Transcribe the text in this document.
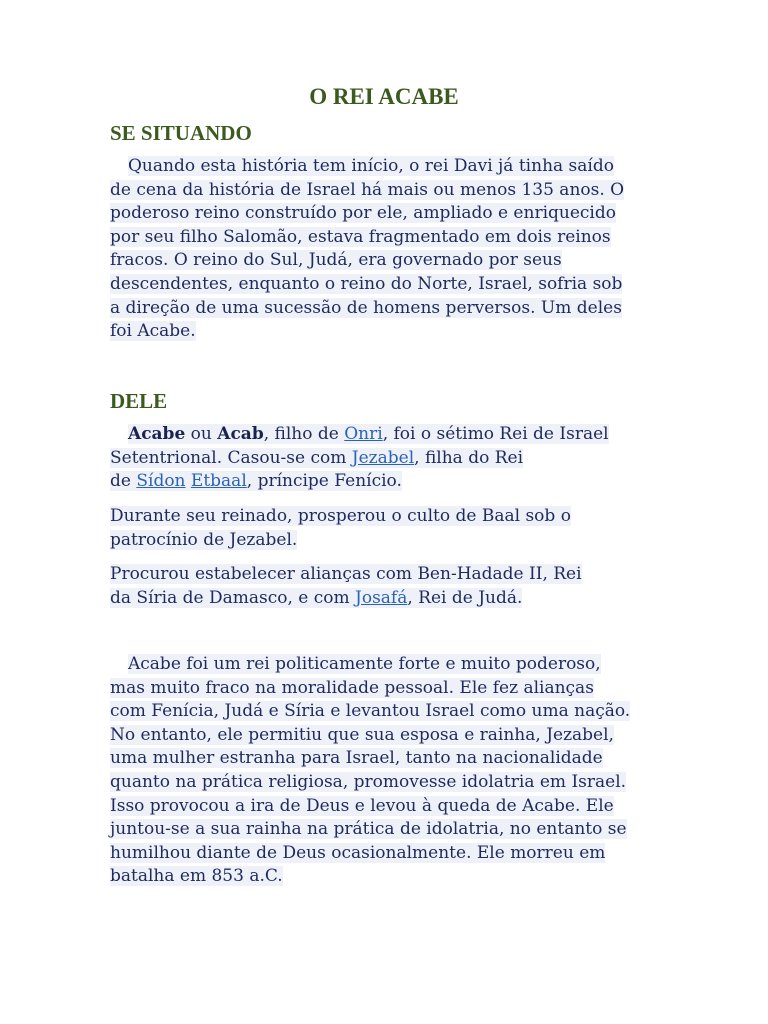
O REI ACABE
SE SITUANDO

Quando esta história tem início, o rei Davi já tinha saído
de cena da história de Israel há mais ou menos 135 anos. O
poderoso reino construído por ele, ampliado e enriquecido
por seu filho Salomão, estava fragmentado em dois reinos
fracos. O reino do Sul, Judá, era governado por seus
descendentes, enquanto o reino do Norte, Israel, sofria sob
a direção de uma sucessão de homens perversos. Um deles
foi Acabe.

DELE

Acabe ou Acab, filho de Onri, foi o sétimo Rei de Israel
Setentrional. Casou-se com Jezabel, filha do Rei
de Sídon Etbaal, príncipe Fenício.

Durante seu reinado, prosperou o culto de Baal sob o
patrocínio de Jezabel.

Procurou estabelecer alianças com Ben-Hadade II, Rei
da Síria de Damasco, e com Josafá, Rei de Judá.

Acabe foi um rei politicamente forte e muito poderoso,
mas muito fraco na moralidade pessoal. Ele fez alianças
com Fenícia, Judá e Síria e levantou Israel como uma nação.
No entanto, ele permitiu que sua esposa e rainha, Jezabel,
uma mulher estranha para Israel, tanto na nacionalidade
quanto na prática religiosa, promovesse idolatria em Israel.
Isso provocou a ira de Deus e levou à queda de Acabe. Ele
juntou-se a sua rainha na prática de idolatria, no entanto se
humilhou diante de Deus ocasionalmente. Ele morreu em
batalha em 853 a.C.
